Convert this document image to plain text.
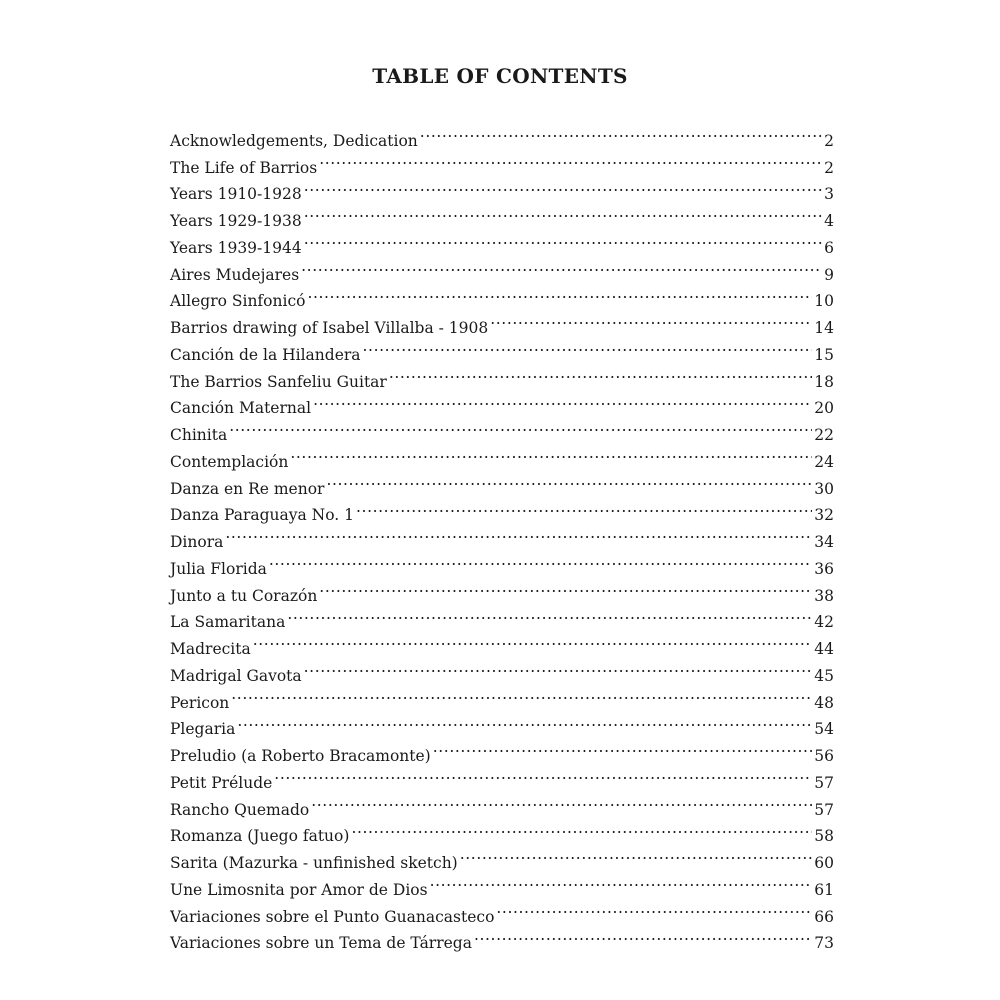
TABLE OF CONTENTS
Acknowledgements, Dedication .....	2
The Life of Barrios .....	2
Years 1910-1928 .....	3
Years 1929-1938 .....	4
Years 1939-1944 .....	6
Aires Mudejares .....	9
Allegro Sinfonicó .....	10
Barrios drawing of Isabel Villalba - 1908 .....	14
Canción de la Hilandera .....	15
The Barrios Sanfeliu Guitar .....	18
Canción Maternal .....	20
Chinita .....	22
Contemplación .....	24
Danza en Re menor .....	30
Danza Paraguaya No. 1 .....	32
Dinora .....	34
Julia Florida .....	36
Junto a tu Corazón .....	38
La Samaritana .....	42
Madrecita .....	44
Madrigal Gavota .....	45
Pericon .....	48
Plegaria .....	54
Preludio (a Roberto Bracamonte) .....	56
Petit Prélude .....	57
Rancho Quemado .....	57
Romanza (Juego fatuo) .....	58
Sarita (Mazurka - unfinished sketch) .....	60
Une Limosnita por Amor de Dios .....	61
Variaciones sobre el Punto Guanacasteco .....	66
Variaciones sobre un Tema de Tárrega .....	73
